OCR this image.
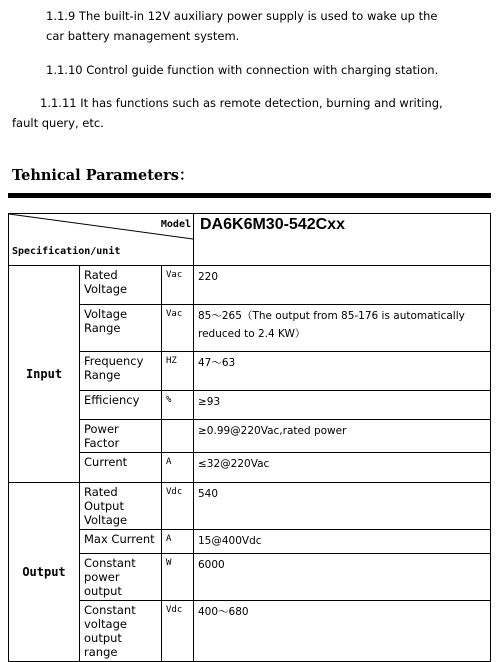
1.1.9 The built-in 12V auxiliary power supply is used to wake up the
car battery management system.
1.1.10 Control guide function with connection with charging station.
1.1.11 It has functions such as remote detection, burning and writing,
fault query, etc.
Tehnical Parameters：
Model
Specification/unit			DA6K6M30-542Cxx
Input	Rated Voltage	Vac	220
	Voltage Range	Vac	85～265（The output from 85-176 is automatically reduced to 2.4 KW）
	Frequency Range	HZ	47～63
	Efficiency	%	≥93
	Power Factor		≥0.99@220Vac,rated power
	Current	A	≤32@220Vac
Output	Rated Output Voltage	Vdc	540
	Max Current	A	15@400Vdc
	Constant power output	W	6000
	Constant voltage output range	Vdc	400～680
